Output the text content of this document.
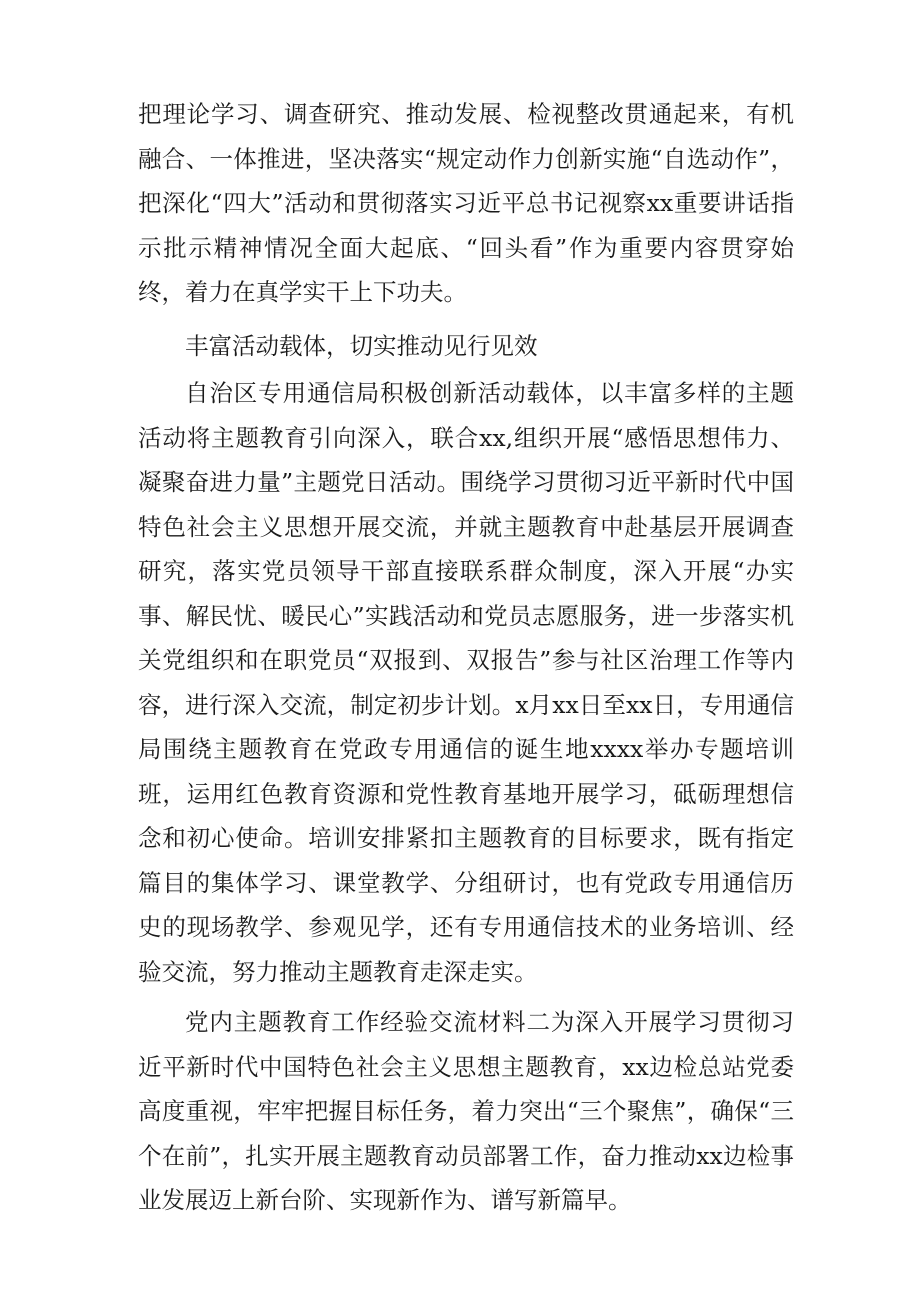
把理论学习、调查研究、推动发展、检视整改贯通起来，有机融合、一体推进，坚决落实“规定动作力创新实施“自选动作”，把深化“四大”活动和贯彻落实习近平总书记视察xx重要讲话指示批示精神情况全面大起底、“回头看”作为重要内容贯穿始终，着力在真学实干上下功夫。

丰富活动载体，切实推动见行见效

自治区专用通信局积极创新活动载体，以丰富多样的主题活动将主题教育引向深入，联合xx,组织开展“感悟思想伟力、凝聚奋进力量”主题党日活动。围绕学习贯彻习近平新时代中国特色社会主义思想开展交流，并就主题教育中赴基层开展调查研究，落实党员领导干部直接联系群众制度，深入开展“办实事、解民忧、暖民心”实践活动和党员志愿服务，进一步落实机关党组织和在职党员“双报到、双报告”参与社区治理工作等内容，进行深入交流，制定初步计划。x月xx日至xx日，专用通信局围绕主题教育在党政专用通信的诞生地xxxx举办专题培训班，运用红色教育资源和党性教育基地开展学习，砥砺理想信念和初心使命。培训安排紧扣主题教育的目标要求，既有指定篇目的集体学习、课堂教学、分组研讨，也有党政专用通信历史的现场教学、参观见学，还有专用通信技术的业务培训、经验交流，努力推动主题教育走深走实。

党内主题教育工作经验交流材料二为深入开展学习贯彻习近平新时代中国特色社会主义思想主题教育，xx边检总站党委高度重视，牢牢把握目标任务，着力突出“三个聚焦”，确保“三个在前”，扎实开展主题教育动员部署工作，奋力推动xx边检事业发展迈上新台阶、实现新作为、谱写新篇早。
